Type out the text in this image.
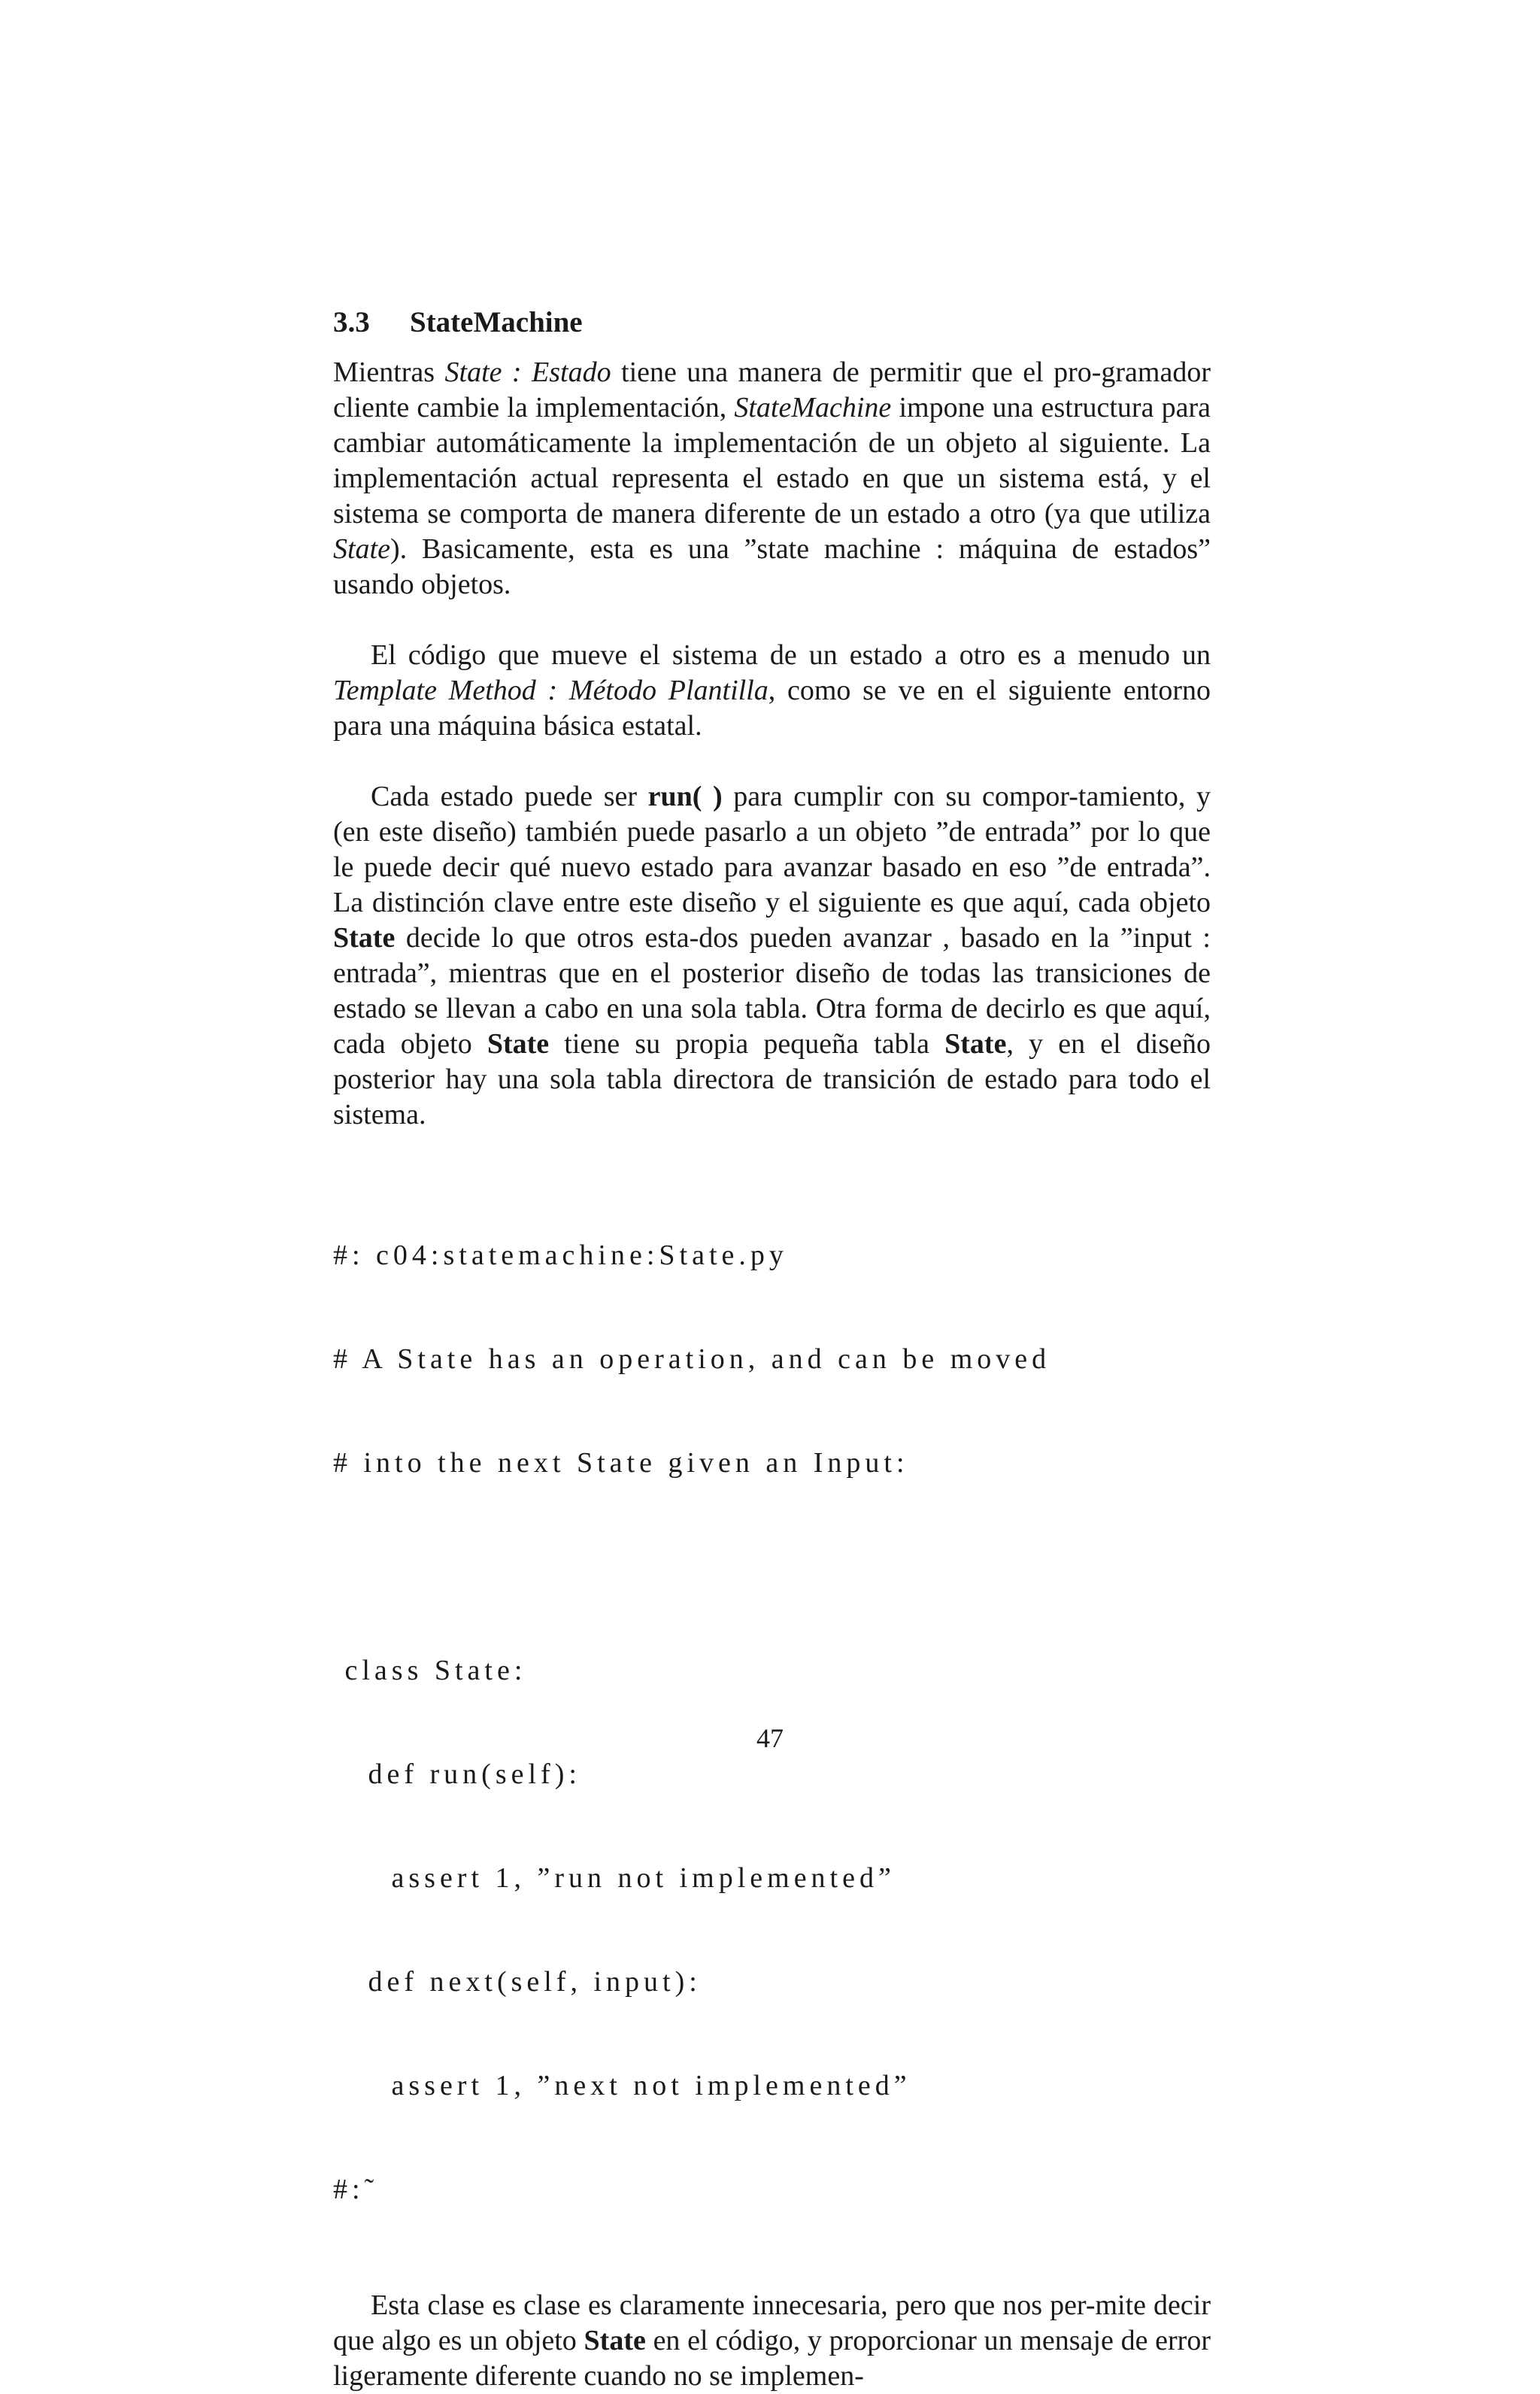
3.3 StateMachine

Mientras State : Estado tiene una manera de permitir que el pro-gramador cliente cambie la implementación, StateMachine impone una estructura para cambiar automáticamente la implementación de un objeto al siguiente. La implementación actual representa el estado en que un sistema está, y el sistema se comporta de manera diferente de un estado a otro (ya que utiliza State). Basicamente, esta es una ”state machine : máquina de estados” usando objetos.

El código que mueve el sistema de un estado a otro es a menudo un Template Method : Método Plantilla, como se ve en el siguiente entorno para una máquina básica estatal.

Cada estado puede ser run( ) para cumplir con su compor-tamiento, y (en este diseño) también puede pasarlo a un objeto ”de entrada” por lo que le puede decir qué nuevo estado para avanzar basado en eso ”de entrada”. La distinción clave entre este diseño y el siguiente es que aquí, cada objeto State decide lo que otros esta-dos pueden avanzar , basado en la ”input : entrada”, mientras que en el posterior diseño de todas las transiciones de estado se llevan a cabo en una sola tabla. Otra forma de decirlo es que aquí, cada objeto State tiene su propia pequeña tabla State, y en el diseño posterior hay una sola tabla directora de transición de estado para todo el sistema.

#: c04:statemachine:State.py

# A State has an operation, and can be moved

# into the next State given an Input:

class State:

def run(self):

assert 1, ”run not implemented”

def next(self, input):

assert 1, ”next not implemented”

#:˜

Esta clase es clase es claramente innecesaria, pero que nos per-mite decir que algo es un objeto State en el código, y proporcionar un mensaje de error ligeramente diferente cuando no se implemen-

47
